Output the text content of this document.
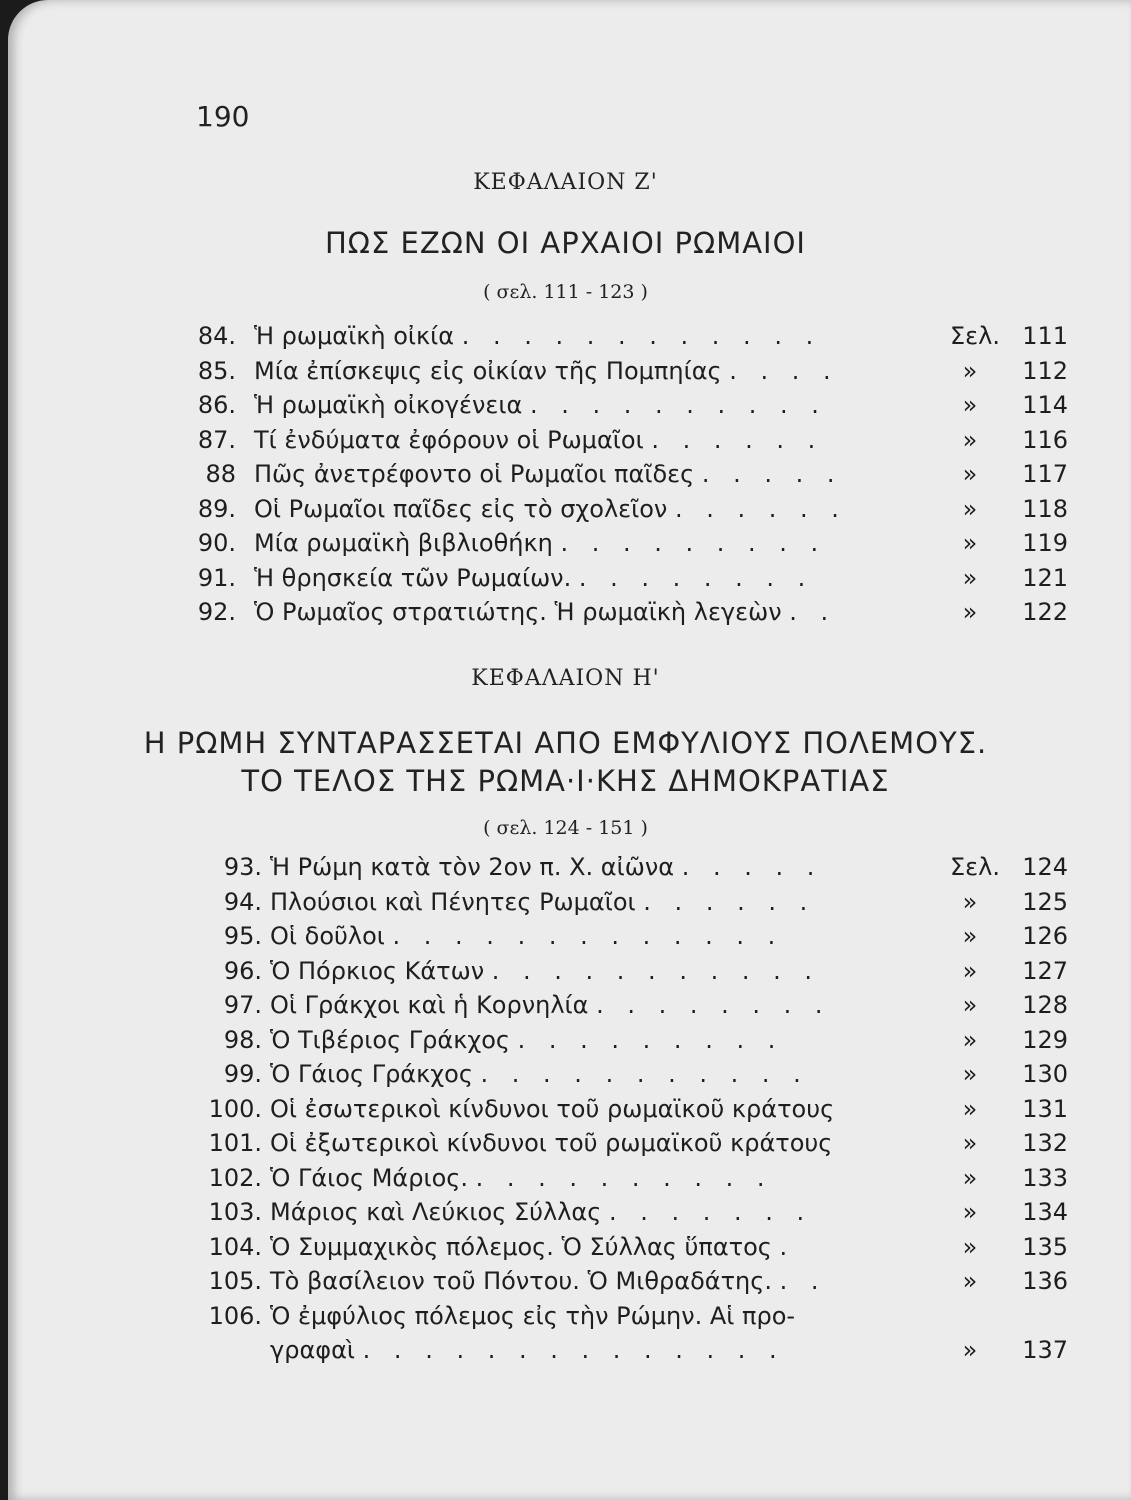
190
ΚΕΦΑΛΑΙΟΝ Ζ'
ΠΩΣ ΕΖΩΝ ΟΙ ΑΡΧΑΙΟΙ ΡΩΜΑΙΟΙ
( σελ. 111 - 123 )
84. Ἡ ρωμαϊκὴ οἰκία . . . . . . . . . . . .	Σελ. 111
85. Μία ἐπίσκεψις εἰς οἰκίαν τῆς Πομπηίας . . . .	»	112
86. Ἡ ρωμαϊκὴ οἰκογένεια . . . . . . . . . .	»	114
87. Τί ἐνδύματα ἐφόρουν οἱ Ρωμαῖοι . . . . . .	»	116
88 Πῶς ἀνετρέφοντο οἱ Ρωμαῖοι παῖδες . . . . .	»	117
89. Οἱ Ρωμαῖοι παῖδες εἰς τὸ σχολεῖον . . . . . .	»	118
90. Μία ρωμαϊκὴ βιβλιοθήκη . . . . . . . . .	»	119
91. Ἡ θρησκεία τῶν Ρωμαίων. . . . . . . . .	»	121
92. Ὁ Ρωμαῖος στρατιώτης. Ἡ ρωμαϊκὴ λεγεὼν . .	»	122
ΚΕΦΑΛΑΙΟΝ Η'
Η ΡΩΜΗ ΣΥΝΤΑΡΑΣΣΕΤΑΙ ΑΠΟ ΕΜΦΥΛΙΟΥΣ ΠΟΛΕΜΟΥΣ.
ΤΟ ΤΕΛΟΣ ΤΗΣ ΡΩΜΑ·Ι·ΚΗΣ ΔΗΜΟΚΡΑΤΙΑΣ
( σελ. 124 - 151 )
93. Ἡ Ρώμη κατὰ τὸν 2ον π. Χ. αἰῶνα . . . . .	Σελ. 124
94. Πλούσιοι καὶ Πένητες Ρωμαῖοι . . . . . .	»	125
95. Οἱ δοῦλοι . . . . . . . . . . . . .	»	126
96. Ὁ Πόρκιος Κάτων . . . . . . . . . . .	»	127
97. Οἱ Γράκχοι καὶ ἡ Κορνηλία . . . . . . . .	»	128
98. Ὁ Τιβέριος Γράκχος . . . . . . . . .	»	129
99. Ὁ Γάιος Γράκχος . . . . . . . . . . .	»	130
100. Οἱ ἐσωτερικοὶ κίνδυνοι τοῦ ρωμαϊκοῦ κράτους	»	131
101. Οἱ ἐξωτερικοὶ κίνδυνοι τοῦ ρωμαϊκοῦ κράτους	»	132
102. Ὁ Γάιος Μάριος. . . . . . . . . . .	»	133
103. Μάριος καὶ Λεύκιος Σύλλας . . . . . . .	»	134
104. Ὁ Συμμαχικὸς πόλεμος. Ὁ Σύλλας ὕπατος .	»	135
105. Τὸ βασίλειον τοῦ Πόντου. Ὁ Μιθραδάτης. . .	»	136
106. Ὁ ἐμφύλιος πόλεμος εἰς τὴν Ρώμην. Αἱ προ-
γραφαὶ . . . . . . . . . . . . . .	»	137
